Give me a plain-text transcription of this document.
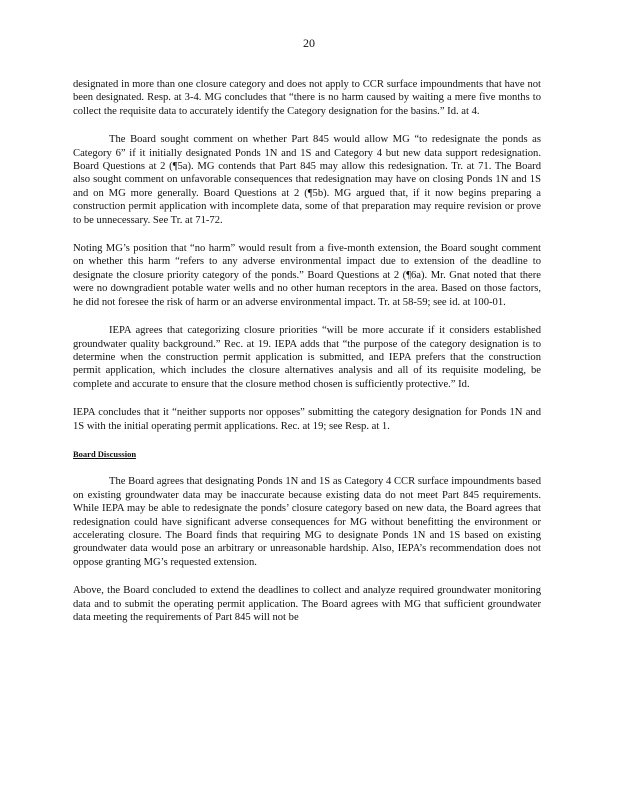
20

designated in more than one closure category and does not apply to CCR surface impoundments that have not been designated. Resp. at 3-4. MG concludes that “there is no harm caused by waiting a mere five months to collect the requisite data to accurately identify the Category designation for the basins.” Id. at 4.

The Board sought comment on whether Part 845 would allow MG “to redesignate the ponds as Category 6” if it initially designated Ponds 1N and 1S and Category 4 but new data support redesignation. Board Questions at 2 (¶5a). MG contends that Part 845 may allow this redesignation. Tr. at 71. The Board also sought comment on unfavorable consequences that redesignation may have on closing Ponds 1N and 1S and on MG more generally. Board Questions at 2 (¶5b). MG argued that, if it now begins preparing a construction permit application with incomplete data, some of that preparation may require revision or prove to be unnecessary. See Tr. at 71-72.

Noting MG’s position that “no harm” would result from a five-month extension, the Board sought comment on whether this harm “refers to any adverse environmental impact due to extension of the deadline to designate the closure priority category of the ponds.” Board Questions at 2 (¶6a). Mr. Gnat noted that there were no downgradient potable water wells and no other human receptors in the area. Based on those factors, he did not foresee the risk of harm or an adverse environmental impact. Tr. at 58-59; see id. at 100-01.

IEPA agrees that categorizing closure priorities “will be more accurate if it considers established groundwater quality background.” Rec. at 19. IEPA adds that “the purpose of the category designation is to determine when the construction permit application is submitted, and IEPA prefers that the construction permit application, which includes the closure alternatives analysis and all of its requisite modeling, be complete and accurate to ensure that the closure method chosen is sufficiently protective.” Id.

IEPA concludes that it “neither supports nor opposes” submitting the category designation for Ponds 1N and 1S with the initial operating permit applications. Rec. at 19; see Resp. at 1.

Board Discussion

The Board agrees that designating Ponds 1N and 1S as Category 4 CCR surface impoundments based on existing groundwater data may be inaccurate because existing data do not meet Part 845 requirements. While IEPA may be able to redesignate the ponds’ closure category based on new data, the Board agrees that redesignation could have significant adverse consequences for MG without benefitting the environment or accelerating closure. The Board finds that requiring MG to designate Ponds 1N and 1S based on existing groundwater data would pose an arbitrary or unreasonable hardship. Also, IEPA’s recommendation does not oppose granting MG’s requested extension.

Above, the Board concluded to extend the deadlines to collect and analyze required groundwater monitoring data and to submit the operating permit application. The Board agrees with MG that sufficient groundwater data meeting the requirements of Part 845 will not be
